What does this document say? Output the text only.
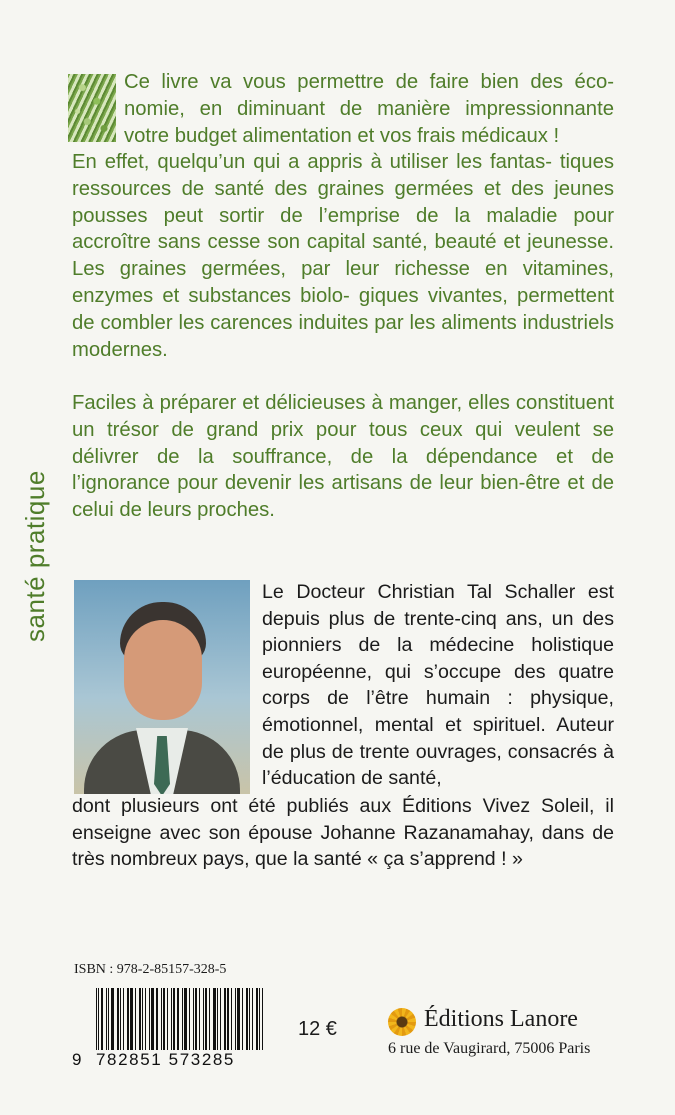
Ce livre va vous permettre de faire bien des éco- nomie, en diminuant de manière impressionnante votre budget alimentation et vos frais médicaux !

En effet, quelqu’un qui a appris à utiliser les fantas- tiques ressources de santé des graines germées et des jeunes pousses peut sortir de l’emprise de la maladie pour accroître sans cesse son capital santé, beauté et jeunesse. Les graines germées, par leur richesse en vitamines, enzymes et substances biolo- giques vivantes, permettent de combler les carences induites par les aliments industriels modernes.

Faciles à préparer et délicieuses à manger, elles constituent un trésor de grand prix pour tous ceux qui veulent se délivrer de la souffrance, de la dépendance et de l’ignorance pour devenir les artisans de leur bien-être et de celui de leurs proches.

santé pratique	Le Docteur Christian Tal Schaller est depuis plus de trente-cinq ans, un des pionniers de la médecine holistique européenne, qui s’occupe des quatre corps de l’être humain : physique, émotionnel, mental et spirituel. Auteur de plus de trente ouvrages, consacrés à l’éducation de santé,

dont plusieurs ont été publiés aux Éditions Vivez Soleil, il enseigne avec son épouse Johanne Razanamahay, dans de très nombreux pays, que la santé « ça s’apprend ! »

ISBN : 978-2-85157-328-5
9 782851 573285
12 €	Éditions Lanore
6 rue de Vaugirard, 75006 Paris
